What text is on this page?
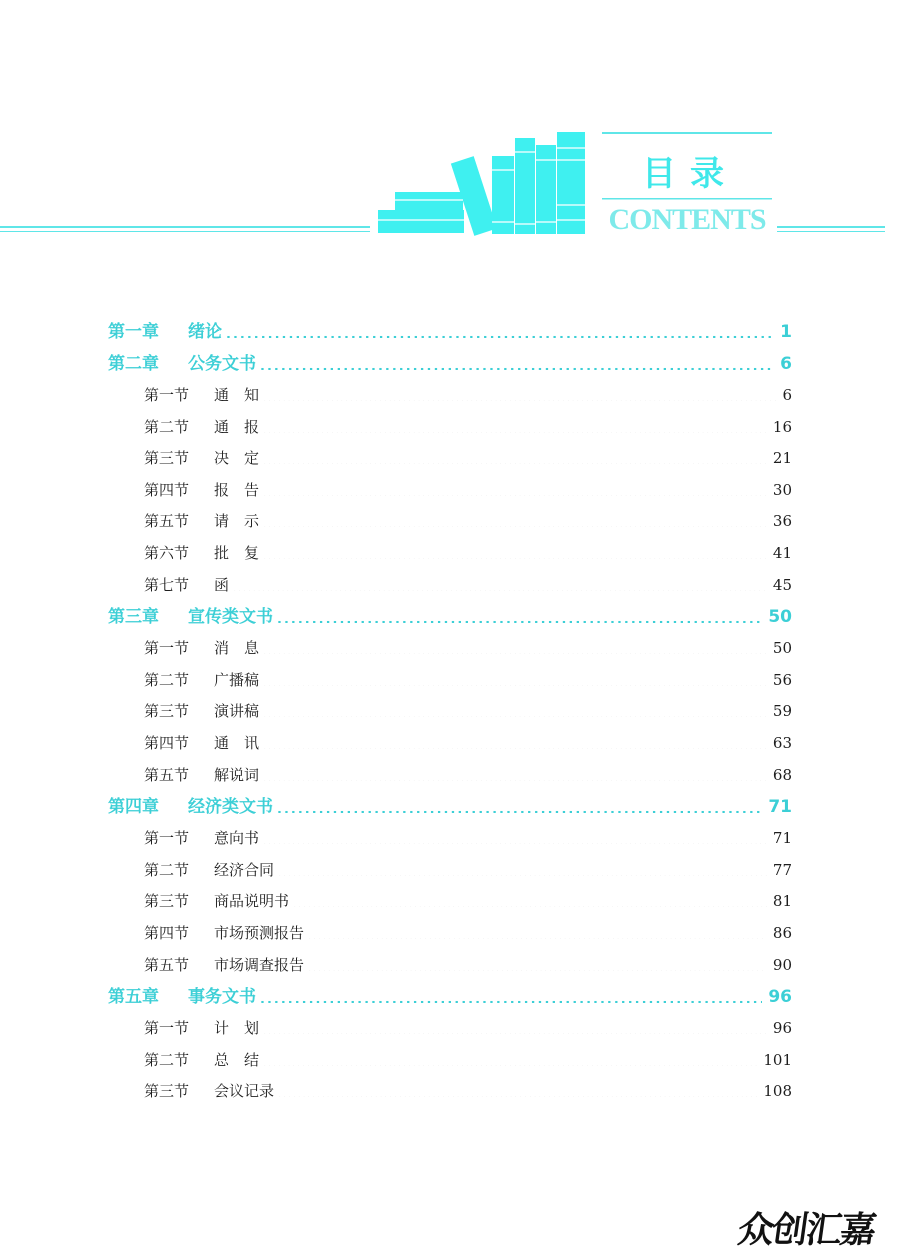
目录
CONTENTS
第一章	绪论 ·····	1
第二章	公务文书 ·····	6
第一节	通　知 ·····	6
第二节	通　报 ·····	16
第三节	决　定 ·····	21
第四节	报　告 ·····	30
第五节	请　示 ·····	36
第六节	批　复 ·····	41
第七节	函 ·····	45
第三章	宣传类文书 ·····	50
第一节	消　息 ·····	50
第二节	广播稿 ·····	56
第三节	演讲稿 ·····	59
第四节	通　讯 ·····	63
第五节	解说词 ·····	68
第四章	经济类文书 ·····	71
第一节	意向书 ·····	71
第二节	经济合同 ·····	77
第三节	商品说明书 ·····	81
第四节	市场预测报告 ·····	86
第五节	市场调查报告 ·····	90
第五章	事务文书 ·····	96
第一节	计　划 ·····	96
第二节	总　结 ·····	101
第三节	会议记录 ·····	108
众创汇嘉
